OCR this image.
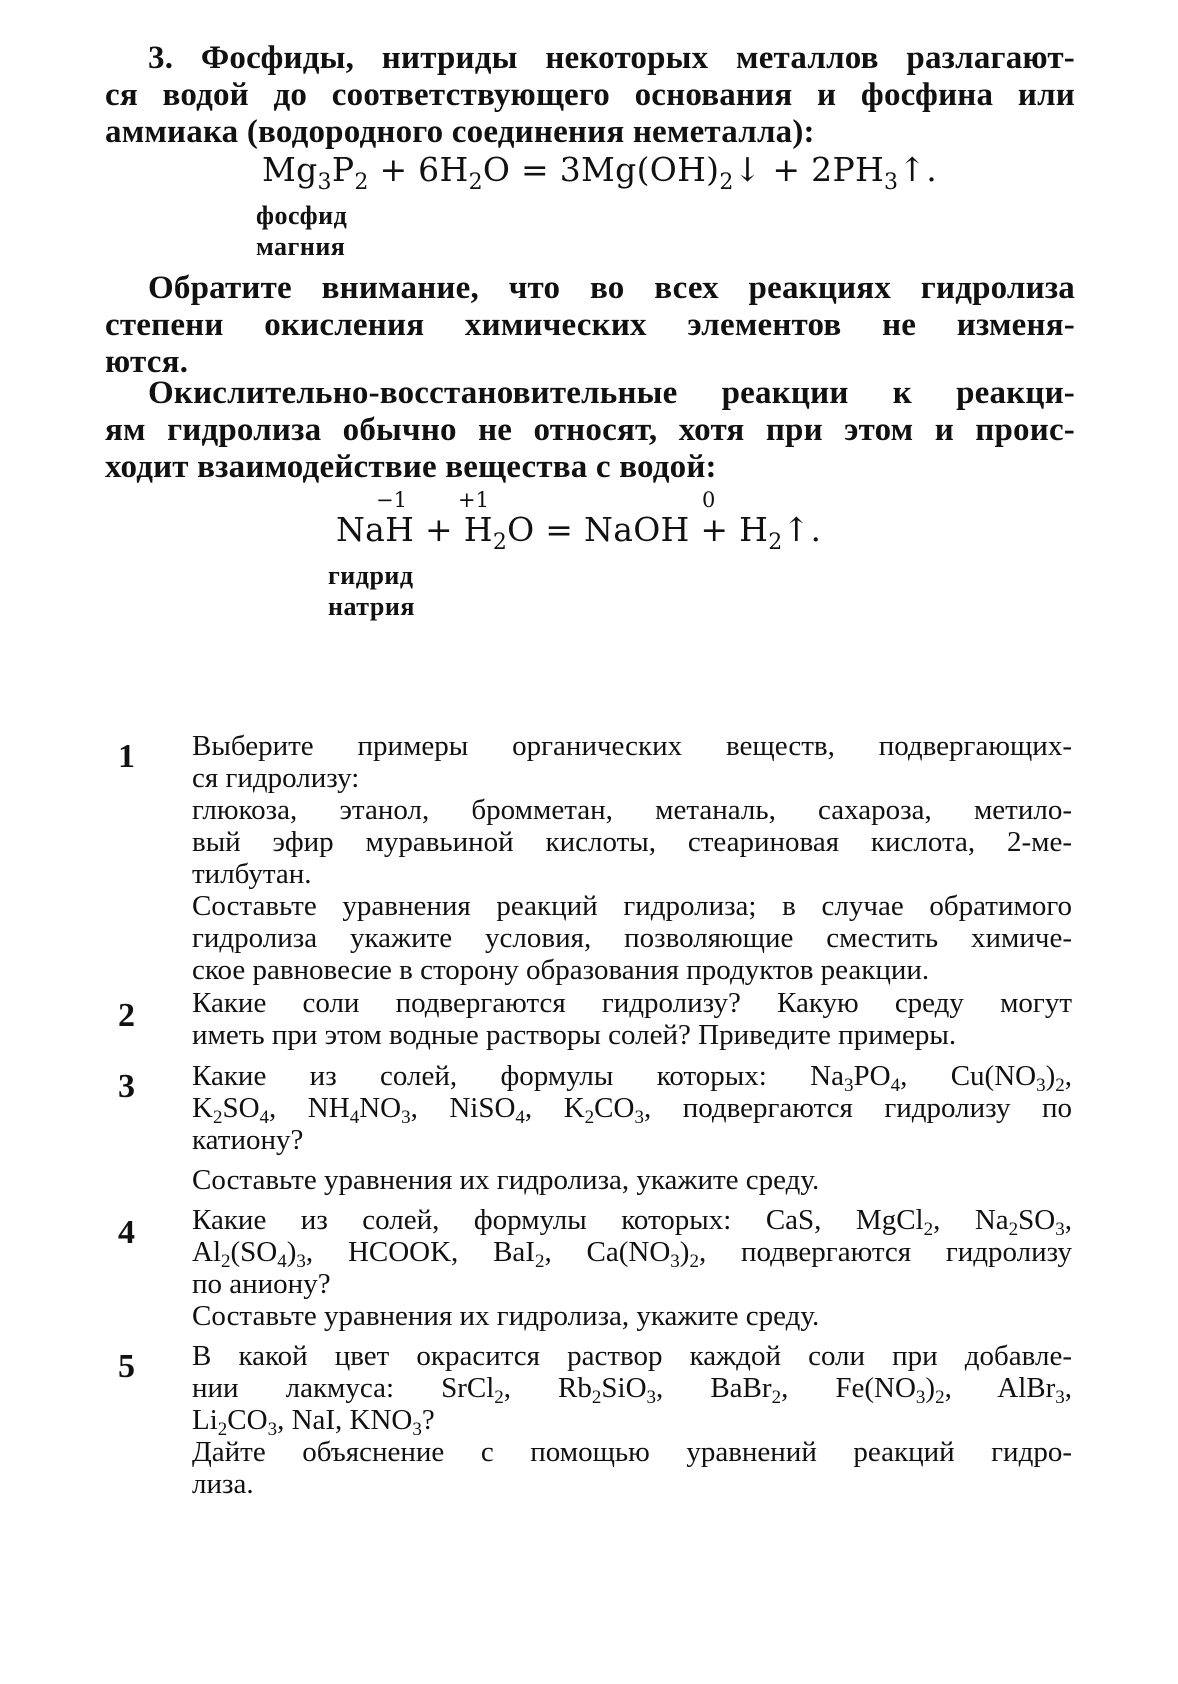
3. Фосфиды, нитриды некоторых металлов разлагают-
ся водой до соответствующего основания и фосфина или
аммиака (водородного соединения неметалла):
$Mg_3P_2 + 6H_2O$ = $3Mg(OH)_2↓$ + $2PH_3↑$.
фосфид
магния
Обратите внимание, что во всех реакциях гидролиза
степени окисления химических элементов не изменя-
ются.
Окислительно-восстановительные реакции к реакци-
ям гидролиза обычно не относят, хотя при этом и проис-
ходит взаимодействие вещества с водой:
−1 +1	0
NaH + $H_2O$ = NaOH + $H_2↑$.
гидрид
натрия
1 Выберите примеры органических веществ, подвергающих-
ся гидролизу:
глюкоза, этанол, бромметан, метаналь, сахароза, метило-
вый эфир муравьиной кислоты, стеариновая кислота, 2-ме-
тилбутан.
Составьте уравнения реакций гидролиза; в случае обратимого
гидролиза укажите условия, позволяющие сместить химиче-
ское равновесие в сторону образования продуктов реакции.
2 Какие соли подвергаются гидролизу? Какую среду могут
иметь при этом водные растворы солей? Приведите примеры.
3 Какие из солей, формулы которых: $Na_3PO_4$, $Cu(NO_3)_2$,
$K_2SO_4$, $NH_4NO_3$, NiSO$_4$, $K_2CO_3$, подвергаются гидролизу по
катиону?
Составьте уравнения их гидролиза, укажите среду.
4 Какие из солей, формулы которых: CaS, MgCl$_2$, $Na_2SO_3$,
$Al_2(SO_4)_3$, HCOOK, BaI$_2$, $Ca(NO_3)_2$, подвергаются гидролизу
по аниону?
Составьте уравнения их гидролиза, укажите среду.
5 В какой цвет окрасится раствор каждой соли при добавле-
нии лакмуса: SrCl$_2$, $Rb_2SiO_3$, BaBr$_2$, $Fe(NO_3)_2$, AlBr$_3$,
$Li_2CO_3$, NaI, $KNO_3$?
Дайте объяснение с помощью уравнений реакций гидро-
лиза.
